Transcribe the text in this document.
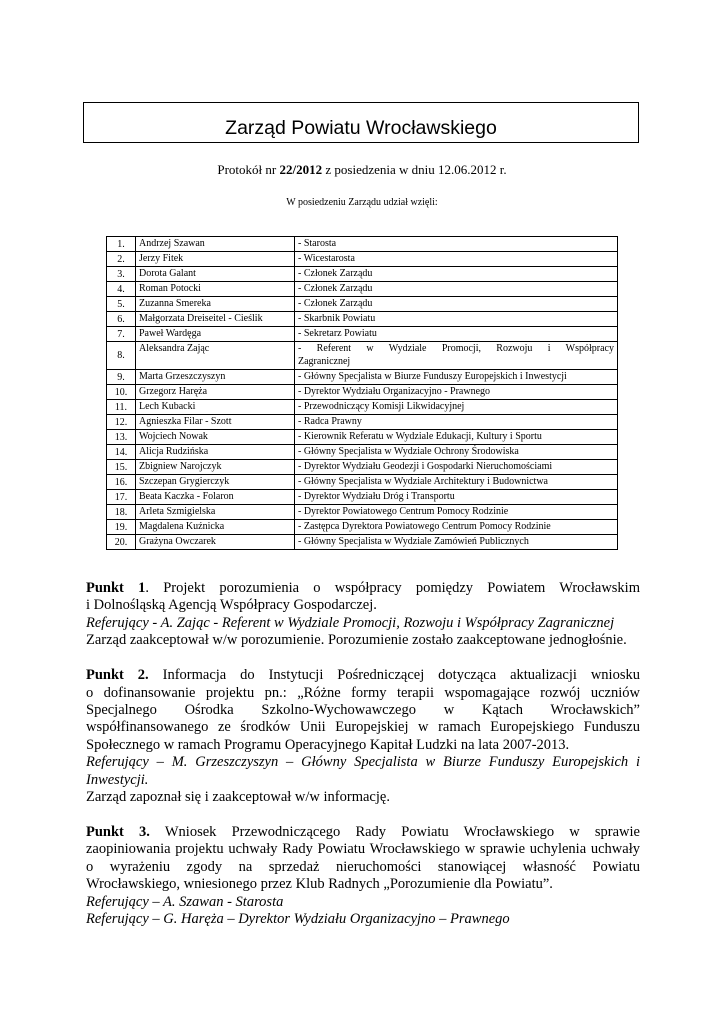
Zarząd Powiatu Wrocławskiego
Protokół nr 22/2012 z posiedzenia w dniu 12.06.2012 r.
W posiedzeniu Zarządu udział wzięli:
1.	Andrzej Szawan	- Starosta
2.	Jerzy Fitek	- Wicestarosta
3.	Dorota Galant	- Członek Zarządu
4.	Roman Potocki	- Członek Zarządu
5.	Zuzanna Smereka	- Członek Zarządu
6.	Małgorzata Dreiseitel - Cieślik	- Skarbnik Powiatu
7.	Paweł Wardęga	- Sekretarz Powiatu
8.	Aleksandra Zając	- Referent w Wydziale Promocji, Rozwoju i Współpracy
Zagranicznej
9.	Marta Grzeszczyszyn	- Główny Specjalista w Biurze Funduszy Europejskich i Inwestycji
10.	Grzegorz Haręża	- Dyrektor Wydziału Organizacyjno - Prawnego
11.	Lech Kubacki	- Przewodniczący Komisji Likwidacyjnej
12.	Agnieszka Filar - Szott	- Radca Prawny
13.	Wojciech Nowak	- Kierownik Referatu w Wydziale Edukacji, Kultury i Sportu
14.	Alicja Rudzińska	- Główny Specjalista w Wydziale Ochrony Środowiska
15.	Zbigniew Narojczyk	- Dyrektor Wydziału Geodezji i Gospodarki Nieruchomościami
16.	Szczepan Grygierczyk	- Główny Specjalista w Wydziale Architektury i Budownictwa
17.	Beata Kaczka - Folaron	- Dyrektor Wydziału Dróg i Transportu
18.	Arleta Szmigielska	- Dyrektor Powiatowego Centrum Pomocy Rodzinie
19.	Magdalena Kuźnicka	- Zastępca Dyrektora Powiatowego Centrum Pomocy Rodzinie
20.	Grażyna Owczarek	- Główny Specjalista w Wydziale Zamówień Publicznych

Punkt 1. Projekt porozumienia o współpracy pomiędzy Powiatem Wrocławskim

i Dolnośląską Agencją Współpracy Gospodarczej.

Referujący - A. Zając - Referent w Wydziale Promocji, Rozwoju i Współpracy Zagranicznej

Zarząd zaakceptował w/w porozumienie. Porozumienie zostało zaakceptowane jednogłośnie.

Punkt 2. Informacja do Instytucji Pośredniczącej dotycząca aktualizacji wniosku

o dofinansowanie projektu pn.: „Różne formy terapii wspomagające rozwój uczniów

Specjalnego Ośrodka Szkolno-Wychowawczego w Kątach Wrocławskich”

współfinansowanego ze środków Unii Europejskiej w ramach Europejskiego Funduszu

Społecznego w ramach Programu Operacyjnego Kapitał Ludzki na lata 2007-2013.

Referujący – M. Grzeszczyszyn – Główny Specjalista w Biurze Funduszy Europejskich i

Inwestycji.

Zarząd zapoznał się i zaakceptował w/w informację.

Punkt 3. Wniosek Przewodniczącego Rady Powiatu Wrocławskiego w sprawie

zaopiniowania projektu uchwały Rady Powiatu Wrocławskiego w sprawie uchylenia uchwały

o wyrażeniu zgody na sprzedaż nieruchomości stanowiącej własność Powiatu

Wrocławskiego, wniesionego przez Klub Radnych „Porozumienie dla Powiatu”.

Referujący – A. Szawan - Starosta

Referujący – G. Haręża – Dyrektor Wydziału Organizacyjno – Prawnego
